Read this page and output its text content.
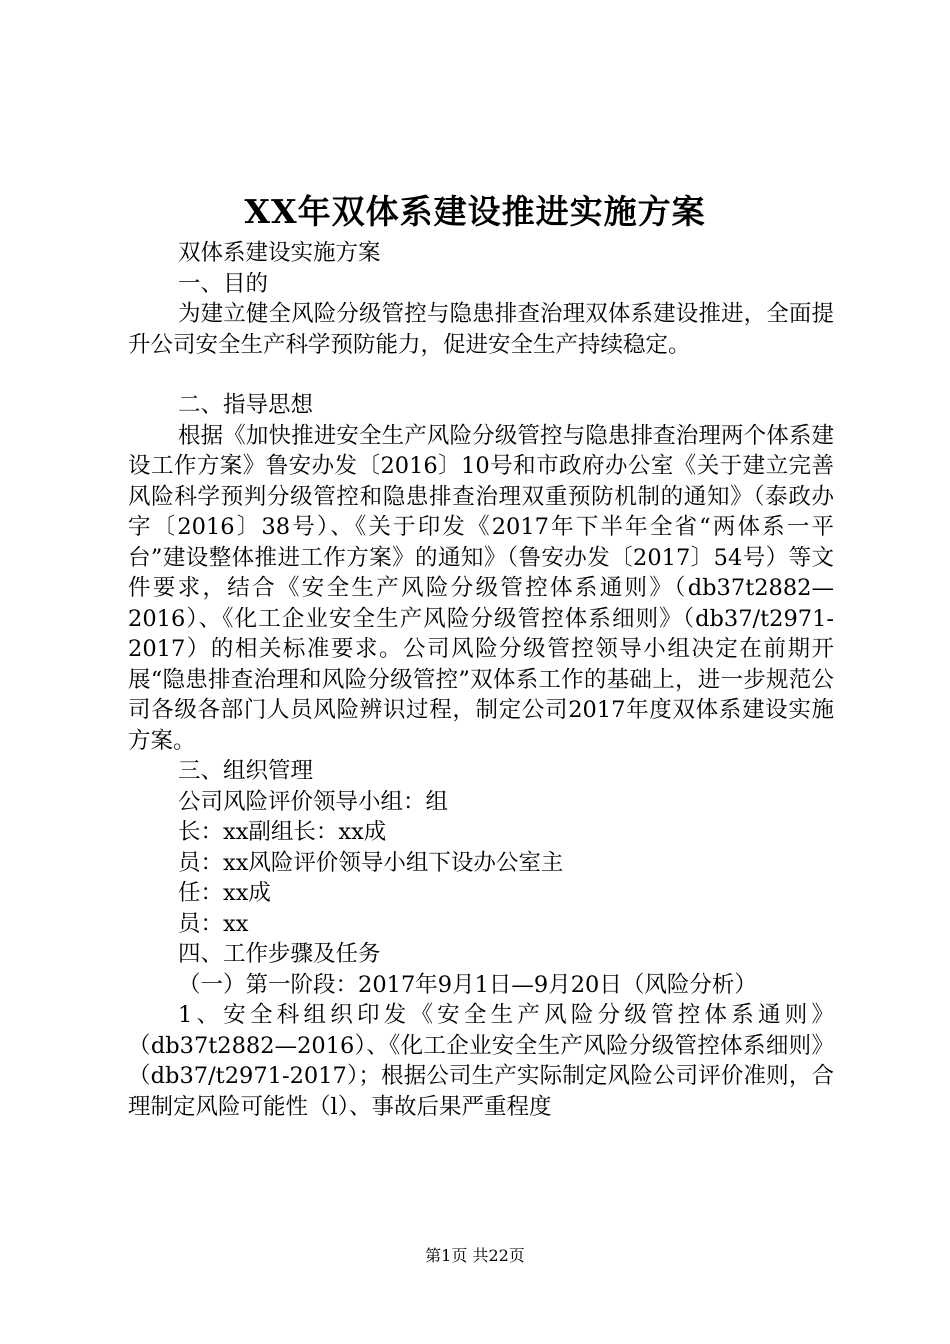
XX年双体系建设推进实施方案

双体系建设实施方案

一、目的

为建立健全风险分级管控与隐患排查治理双体系建设推进，全面提升公司安全生产科学预防能力，促进安全生产持续稳定。

二、指导思想

根据《加快推进安全生产风险分级管控与隐患排查治理两个体系建设工作方案》鲁安办发〔2016〕10号和市政府办公室《关于建立完善风险科学预判分级管控和隐患排查治理双重预防机制的通知》（泰政办字〔2016〕38号）、《关于印发《2017年下半年全省“两体系一平台”建设整体推进工作方案》的通知》（鲁安办发〔2017〕54号）等文件要求，结合《安全生产风险分级管控体系通则》（db37t2882—2016）、《化工企业安全生产风险分级管控体系细则》（db37/t2971-2017）的相关标准要求。公司风险分级管控领导小组决定在前期开展“隐患排查治理和风险分级管控”双体系工作的基础上，进一步规范公司各级各部门人员风险辨识过程，制定公司2017年度双体系建设实施方案。

三、组织管理

公司风险评价领导小组：组

长：xx副组长：xx成

员：xx风险评价领导小组下设办公室主

任：xx成

员：xx

四、工作步骤及任务

（一）第一阶段：2017年9月1日—9月20日（风险分析）

1、安全科组织印发《安全生产风险分级管控体系通则》（db37t2882—2016）、《化工企业安全生产风险分级管控体系细则》（db37/t2971-2017）；根据公司生产实际制定风险公司评价准则，合理制定风险可能性（l）、事故后果严重程度

第1页 共22页
